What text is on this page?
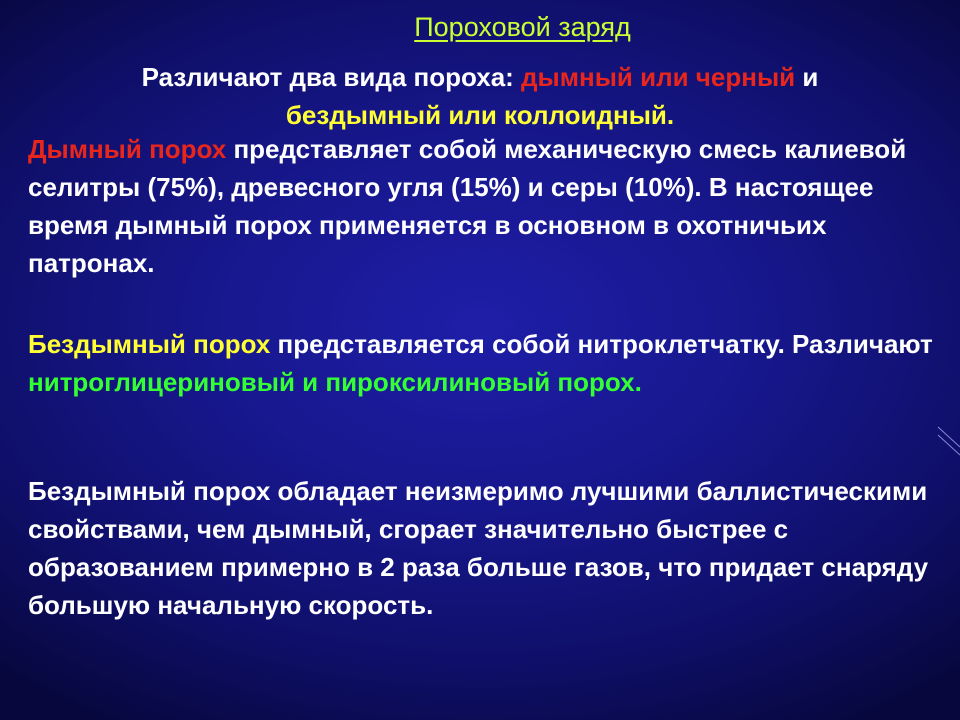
Пороховой заряд
Различают два вида пороха: дымный или черный и
бездымный или коллоидный.
Дымный порох представляет собой механическую смесь калиевой селитры (75%), древесного угля (15%) и серы (10%). В настоящее время дымный порох применяется в основном в охотничьих патронах.
Бездымный порох представляется собой нитроклетчатку. Различают нитроглицериновый и пироксилиновый порох.
Бездымный порох обладает неизмеримо лучшими баллистическими свойствами, чем дымный, сгорает значительно быстрее с образованием примерно в 2 раза больше газов, что придает снаряду большую начальную скорость.
